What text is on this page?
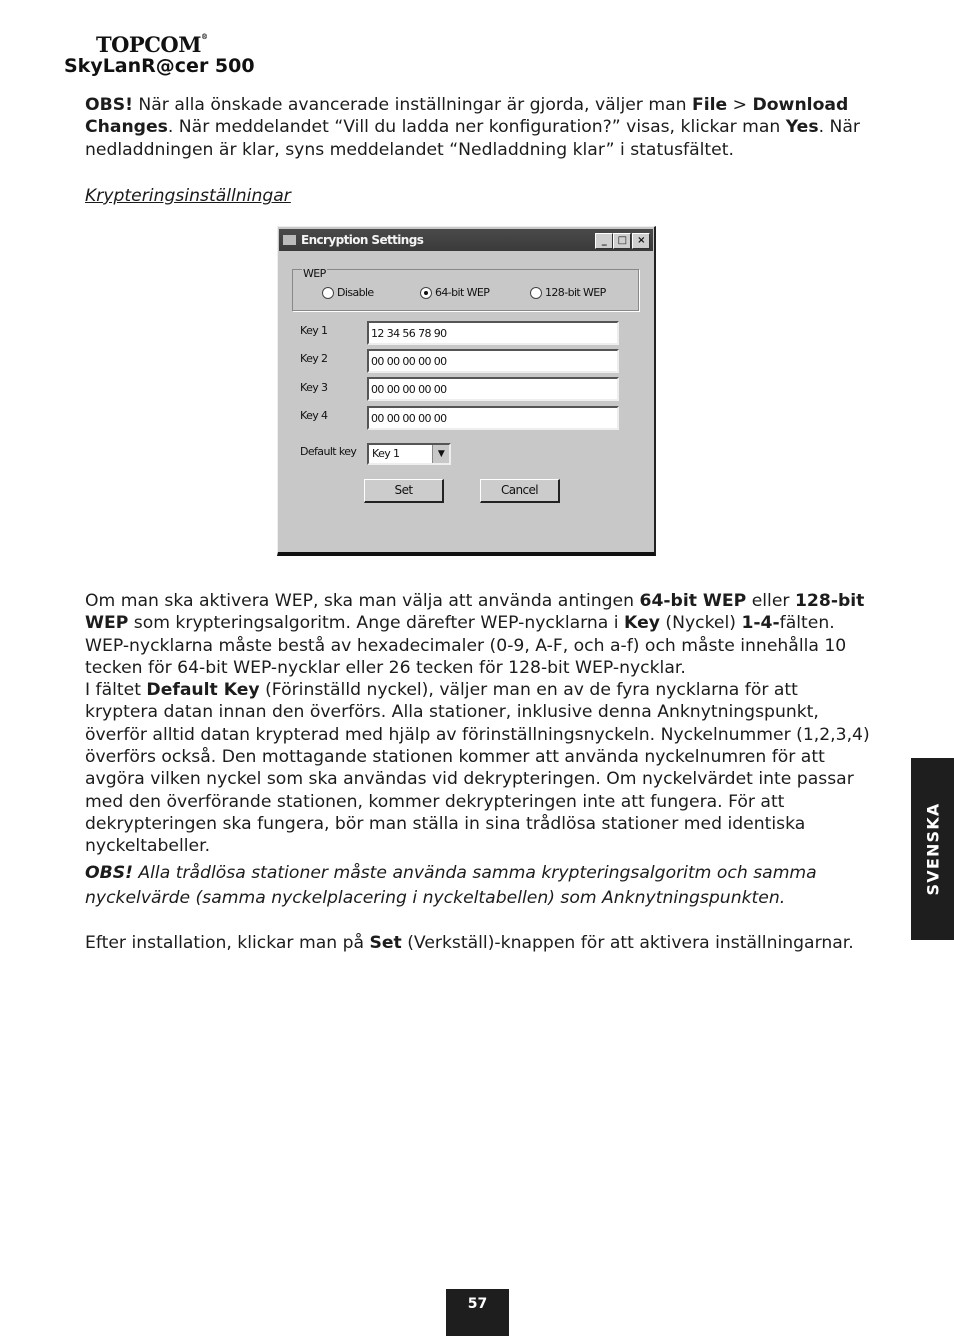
TOPCOM®
SkyLanR@cer 500
OBS! När alla önskade avancerade inställningar är gjorda, väljer man File > Download Changes. När meddelandet “Vill du ladda ner konfiguration?” visas, klickar man Yes. När nedladdningen är klar, syns meddelandet “Nedladdning klar” i statusfältet.
Krypteringsinställningar
Encryption Settings	_	□	×
WEP
Disable	64-bit WEP	128-bit WEP
Key 1	12 34 56 78 90
Key 2	00 00 00 00 00
Key 3	00 00 00 00 00
Key 4	00 00 00 00 00
Default key	Key 1	▼
Set	Cancel
Om man ska aktivera WEP, ska man välja att använda antingen 64-bit WEP eller 128-bit WEP som krypteringsalgoritm. Ange därefter WEP-nycklarna i Key (Nyckel) 1-4-fälten. WEP-nycklarna måste bestå av hexadecimaler (0-9, A-F, och a-f) och måste innehålla 10 tecken för 64-bit WEP-nycklar eller 26 tecken för 128-bit WEP-nycklar.
I fältet Default Key (Förinställd nyckel), väljer man en av de fyra nycklarna för att kryptera datan innan den överförs. Alla stationer, inklusive denna Anknytningspunkt, överför alltid datan krypterad med hjälp av förinställningsnyckeln. Nyckelnummer (1,2,3,4) överförs också. Den mottagande stationen kommer att använda nyckelnumren för att avgöra vilken nyckel som ska användas vid dekrypteringen. Om nyckelvärdet inte passar med den överförande stationen, kommer dekrypteringen inte att fungera. För att dekrypteringen ska fungera, bör man ställa in sina trådlösa stationer med identiska nyckeltabeller.
OBS! Alla trådlösa stationer måste använda samma krypteringsalgoritm och samma nyckelvärde (samma nyckelplacering i nyckeltabellen) som Anknytningspunkten.
Efter installation, klickar man på Set (Verkställ)-knappen för att aktivera inställningarnar.
SVENSKA
57
